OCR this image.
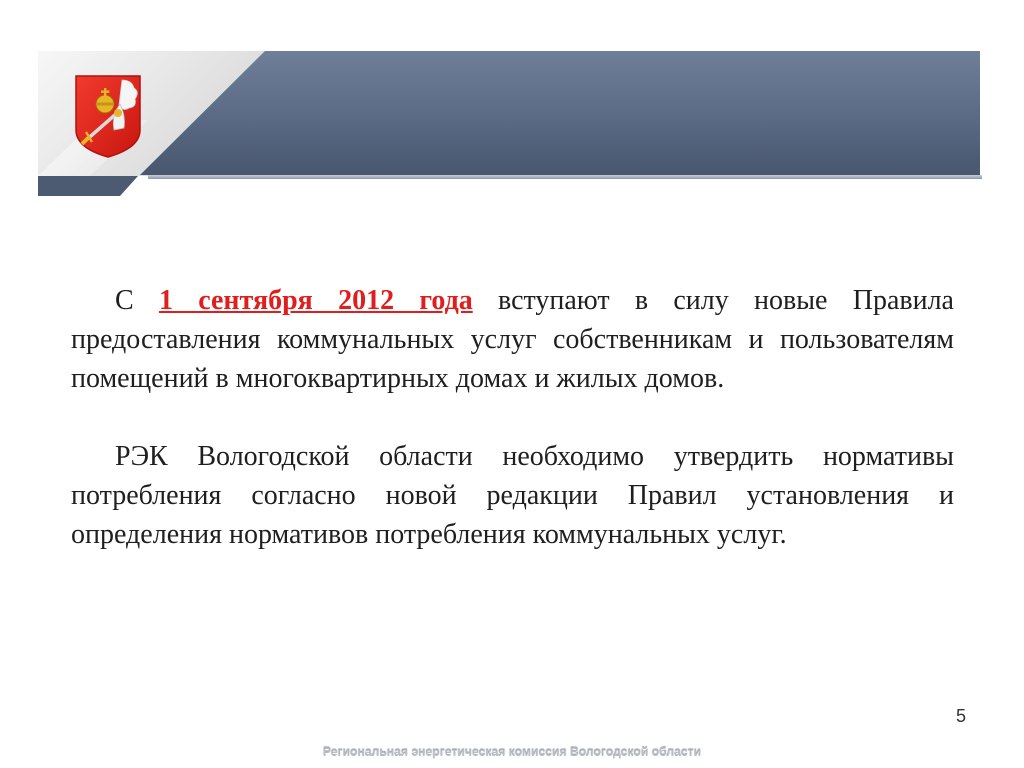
С 1 сентября 2012 года вступают в силу новые Правила предоставления коммунальных услуг собственникам и пользователям помещений в многоквартирных домах и жилых домов.

РЭК Вологодской области необходимо утвердить нормативы потребления согласно новой редакции Правил установления и определения нормативов потребления коммунальных услуг.

5
Региональная энергетическая комиссия Вологодской области
